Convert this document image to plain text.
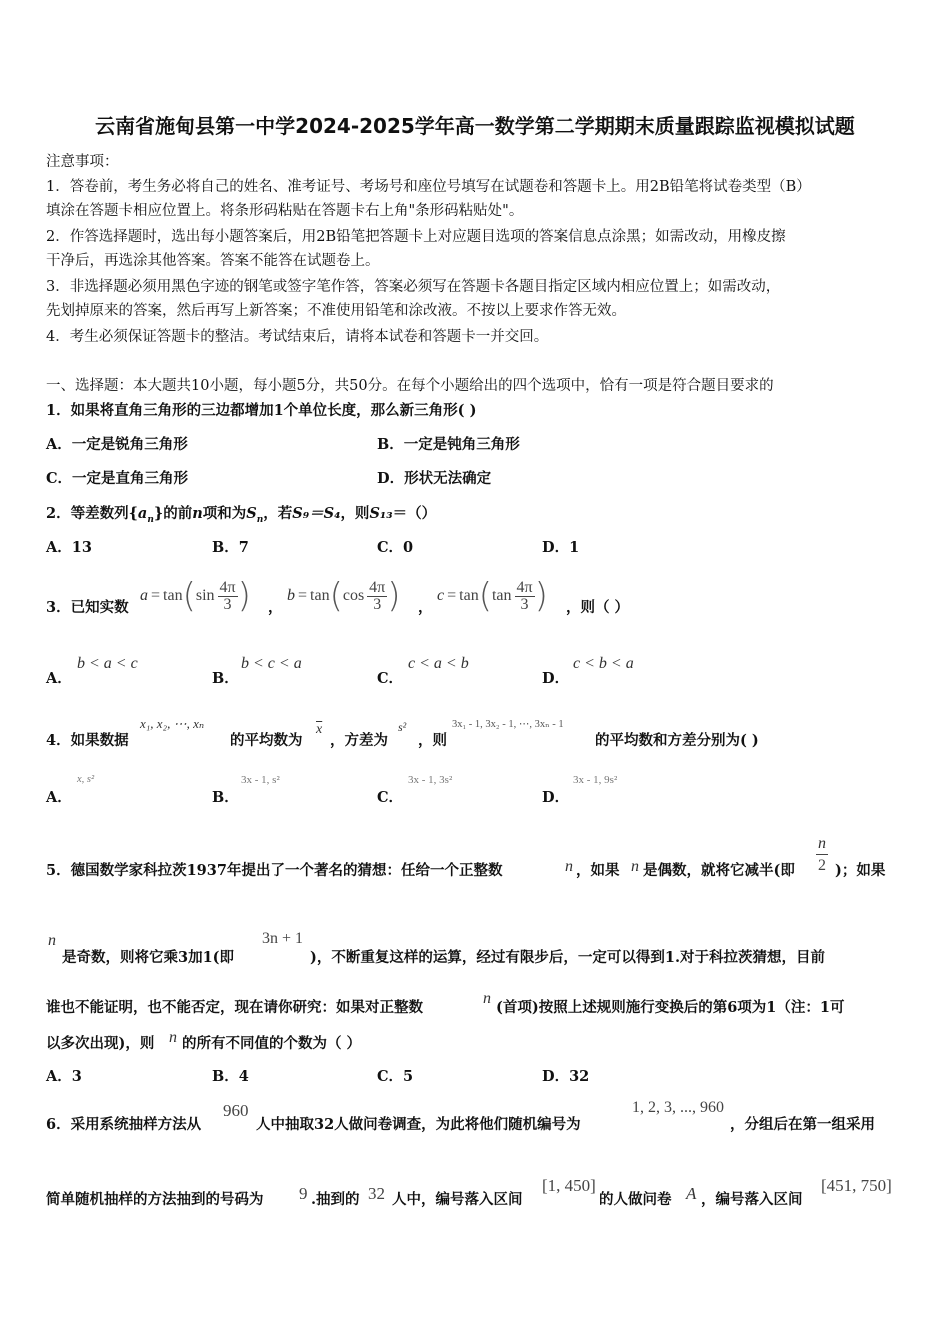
云南省施甸县第一中学2024-2025学年高一数学第二学期期末质量跟踪监视模拟试题
注意事项：
1．答卷前，考生务必将自己的姓名、准考证号、考场号和座位号填写在试题卷和答题卡上。用2B铅笔将试卷类型（B）
填涂在答题卡相应位置上。将条形码粘贴在答题卡右上角"条形码粘贴处"。
2．作答选择题时，选出每小题答案后，用2B铅笔把答题卡上对应题目选项的答案信息点涂黑；如需改动，用橡皮擦
干净后，再选涂其他答案。答案不能答在试题卷上。
3．非选择题必须用黑色字迹的钢笔或签字笔作答，答案必须写在答题卡各题目指定区域内相应位置上；如需改动，
先划掉原来的答案，然后再写上新答案；不准使用铅笔和涂改液。不按以上要求作答无效。
4．考生必须保证答题卡的整洁。考试结束后，请将本试卷和答题卡一并交回。
一、选择题：本大题共10小题，每小题5分，共50分。在每个小题给出的四个选项中，恰有一项是符合题目要求的
1．如果将直角三角形的三边都增加1个单位长度，那么新三角形( )
A．一定是锐角三角形	B．一定是钝角三角形
C．一定是直角三角形	D．形状无法确定
2．等差数列$\{a_n\}$的前n项和为$S_n$，若S₉＝S₄，则S₁₃＝（）
A．13	B．7	C．0	D．1
3．已知实数
a = tan ( $\sin \frac{4\pi}{3}$ ) ，
b = tan ( $\cos \frac{4\pi}{3}$ ) ，
c = tan ( $\tan \frac{4\pi}{3}$ ) ，则（ ）
A．
b < a < c
B．
b < c < a
C．
c < a < b
D．
c < b < a
4．如果数据
x₁, x₂, ⋯, xₙ
的平均数为
$\overline{x}$
，方差为
s²
，则
3x₁ - 1, 3x₂ - 1, ⋯, 3xₙ - 1
的平均数和方差分别为( )
A．
x, s²
B．
3x - 1, s²
C．
3x - 1, 3s²
D．
3x - 1, 9s²
5．德国数学家科拉茨1937年提出了一个著名的猜想：任给一个正整数	n ，如果 n 是偶数，就将它减半(即 $\frac{n}{2}$ )；如果
n
是奇数，则将它乘3加1(即
3n + 1
)，不断重复这样的运算，经过有限步后，一定可以得到1.对于科拉茨猜想，目前
谁也不能证明，也不能否定，现在请你研究：如果对正整数
n
(首项)按照上述规则施行变换后的第6项为1（注：1可
以多次出现)，则 n 的所有不同值的个数为（ ）
A．3	B．4	C．5	D．32
6．采用系统抽样方法从
960
人中抽取32人做问卷调查，为此将他们随机编号为
1, 2, 3, ..., 960
，分组后在第一组采用
简单随机抽样的方法抽到的号码为 9 .抽到的 32 人中，编号落入区间
[1, 450]
的人做问卷 A ，编号落入区间
[451, 750]
